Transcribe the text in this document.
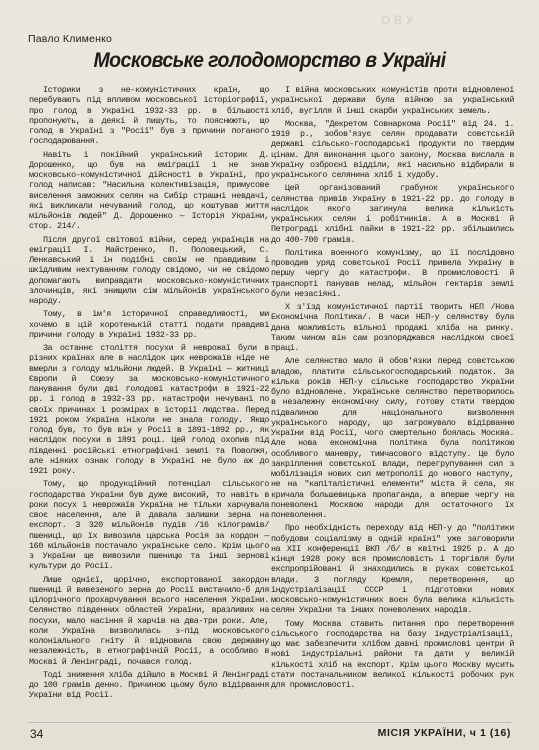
О В У
Павло Клименко
Московське голодоморство в Україні

Історики з не-комуністичних країн, що перебувають під впливом московської історіографії, про голод в Україні 1932-33 рр. в більшості пропонують, а деякі й пишуть, то пояснюють, що голод в Україні з "Росії" був з причини поганого господарювання.

Навіть і покійний український історик Д. Дорошенко, що був на еміграції і не знав московсько-комуністичної дійсності в Україні, про голод написав: "Насильна колективізація, примусове виселення заможних селян на Сибір страшні невдачі, які викликали нечуваний голод, що коштував життя мільйонів людей" Д. Дорошенко — Історія України, стор. 214/.

Після другої світової війни, серед українців на еміграції І. Майстренко, П. Половецький, С. Ленкавський і ін подібні своїм не правдивим і шкідливим нехтуванням голоду свідомо, чи не свідомо допомагають виправдати московсько-комуністичних злочинців, які знищили сім мільйонів українського народу.

Тому, в ім'я історичної справедливості, ми хочемо в цій коротенькій статті подати правдиві причини голоду в Україні 1932-33 рр.

За останнє століття посухи й неврожаї були в різних країнах але в наслідок цих неврожаїв ніде не вмерли з голоду мільйони людей. В Україні — житниці Європи й Союзу за московсько-комуністичного панування були дві голодові катастрофи в 1921-22 рр. і голод в 1932-33 рр. катастрофи нечувані по своїх причинах і розмірах в історії людства. Перед 1921 роком Україна ніколи не знала голоду. Якщо голод був, то був він у Росії в 1891-1892 рр., як наслідок посухи в 1891 році. Цей голод охопив під південні російські етнографічні землі та Поволжя, але ніяких ознак голоду в Україні не було аж до 1921 року.

Тому, що продукційний потенціал сільського господарства України був дуже високий, то навіть в роки посух і неврожаїв Україна не тільки харчувала своє населення, але й давала залишки зерна на експорт. З 320 мільйонів пудів /16 кілограмів/ пшениці, що їх вивозила царська Росія за кордон — 160 мільйонів постачало українське село. Крім цього з України ще вивозили пшеницю та інші зернові культури до Росії.

Лише однієї, щорічно, експортованої закордон пшениці й вивезеного зерна до Росії вистачило-б для цілорічного прохарчування всього населення України. Селянство південних областей України, вразливих на посухи, мало насіння й харчів на два-три роки. Але, коли Україна визволилась з-під московського колоніального гніту й відновила свою державну незалежність, в етнографічній Росії, а особливо в Москві й Ленінграді, почався голод.

Тоді зниження хліба дійшло в Москві й Ленінграді до 100 грамів денно. Причиною цьому було відірвання України від Росії.

І війна московських комуністів проти відновленої української держави була війною за український хліб, вугілля й інші скарби українських земель.

Москва, "Декретом Совнаркома Росії" від 24. 1. 1919 р., зобов'язує селян продавати совєтській державі сільсько-господарські продукти по твердим цінам. Для виконання цього закону, Москва вислала в Україну озброєні відділи, які насильно відбирали в українського селянина хліб і худобу.

Цей організований грабунок українського селянства привів Україну в 1921-22 рр. до голоду в наслідок якого загинула велика кількість українських селян і робітників. А в Москві й Петрограді хлібні пайки в 1921-22 рр. збільшились до 400-700 грамів.

Політика военного комунізму, що її послідовно проводив уряд совєтської Росії привела Україну в першу чергу до катастрофи. В промисловості й транспорті панував нелад, мільйон гектарів землі були незасіяні.

Х з'їзд комуністичної партії творить НЕП /Нова Економічна Політика/. В часи НЕП-у селянству була дана можливість вільної продажі хліба на ринку. Таким чином він сам розпоряджався наслідком своєї праці.

Але селянство мало й обов'язки перед совєтською владою, платити сільськогосподарський податок. За кілька років НЕП-у сільське господарство України було відновлене. Українське селянство перетворилось в незалежну економічну силу, готову стати твердою підвалиною для національного визволення українського народу, що загрожувало відірванню України від Росії, чого смертельно боялась Москва. Але нова економічна політика була політикою особливого маневру, тимчасового відступу. Це було закріплення совєтської влади, перегрупування сил з мобілізація нових сил метрополії до нового наступу, не на "капіталістичні елементи" міста й села, як кричала большевицька пропаганда, а вперше чергу на поневолені Москвою народи для остаточного їх поневолення.

Про необхідність переходу від НЕП-у до "політики побудови соціалізму в одній країні" уже заговорили на XII конференції ВКП /б/ в квітні 1925 р. А до кінця 1928 року вся промисловість і торгівля були експропрійовані й знаходились в руках совєтської влади. З погляду Кремля, перетворення, що індустріалізації СССР і підготовки нових московсько-комуністичних воєн була велика кількість селян України та інших поневолених народів.

Тому Москва ставить питання про перетворення сільського господарства на базу індустріалізації, що має забезпечити хлібом давні промислові центри й нові індустріальні райони та дати у великій кількості хліб на експорт. Крім цього Москву мусить стати постачальником великої кількості робочих рук для промисловості.

34	МІСІЯ УКРАЇНИ, ч 1 (16)
